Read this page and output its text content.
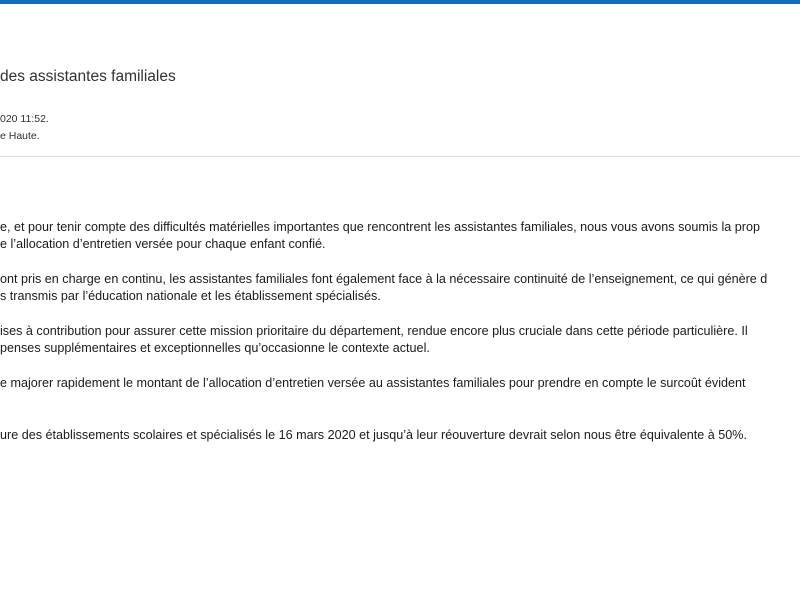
des assistantes familiales
020 11:52.
e Haute.
e, et pour tenir compte des difficultés matérielles importantes que rencontrent les assistantes familiales, nous vous avons soumis la prop
e l’allocation d’entretien versée pour chaque enfant confié.
ont pris en charge en continu, les assistantes familiales font également face à la nécessaire continuité de l’enseignement, ce qui génère d
s transmis par l’éducation nationale et les établissement spécialisés.
ises à contribution pour assurer cette mission prioritaire du département, rendue encore plus cruciale dans cette période particulière. Il
penses supplémentaires et exceptionnelles qu’occasionne le contexte actuel.
e majorer rapidement le montant de l’allocation d’entretien versée au assistantes familiales pour prendre en compte le surcoût évident
ure des établissements scolaires et spécialisés le 16 mars 2020 et jusqu’à leur réouverture devrait selon nous être équivalente à 50%.
